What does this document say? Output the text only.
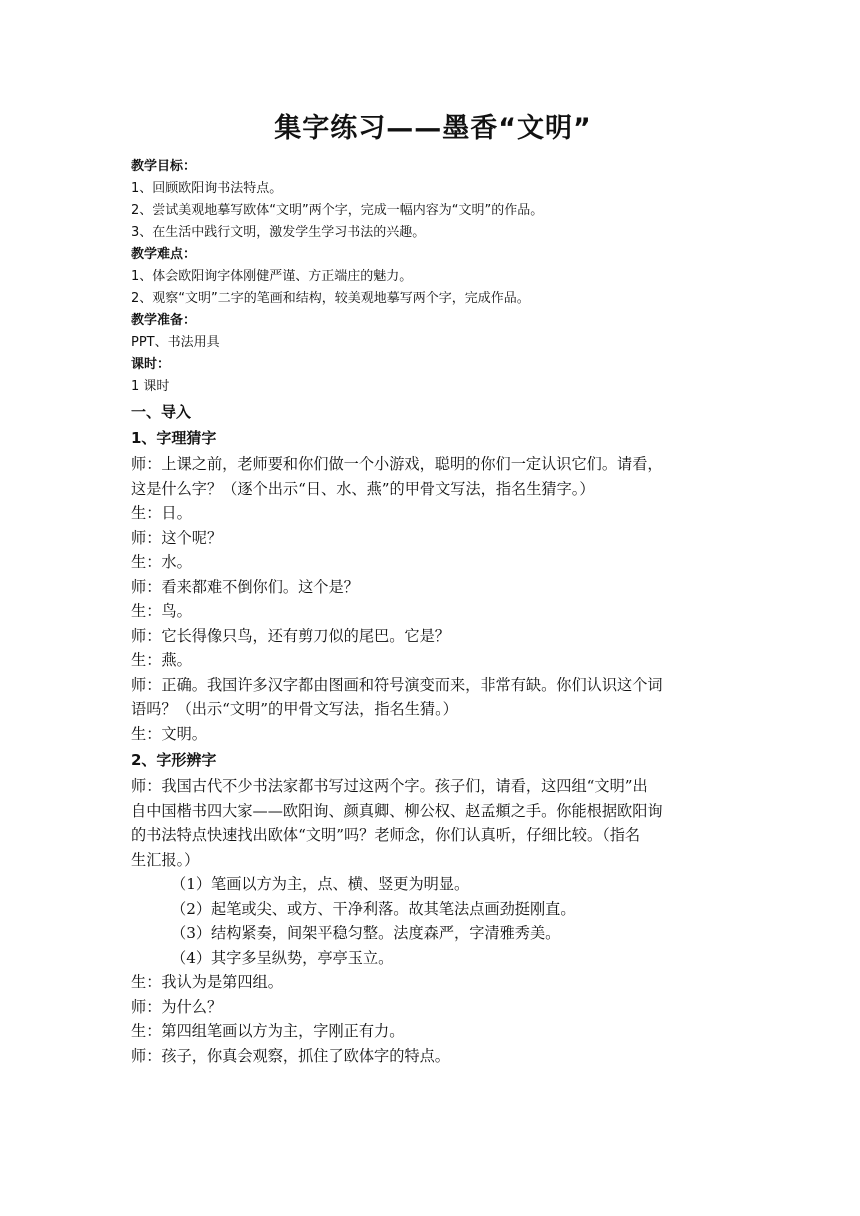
集字练习——墨香“文明”

教学目标：

1、回顾欧阳询书法特点。

2、尝试美观地摹写欧体“文明”两个字，完成一幅内容为“文明”的作品。

3、在生活中践行文明，激发学生学习书法的兴趣。

教学难点：

1、体会欧阳询字体刚健严谨、方正端庄的魅力。

2、观察“文明”二字的笔画和结构，较美观地摹写两个字，完成作品。

教学准备：

PPT、书法用具

课时：

1 课时

一、导入

1、字理猜字

师：上课之前，老师要和你们做一个小游戏，聪明的你们一定认识它们。请看，

这是什么字？（逐个出示“日、水、燕”的甲骨文写法，指名生猜字。）

生：日。

师：这个呢？

生：水。

师：看来都难不倒你们。这个是？

生：鸟。

师：它长得像只鸟，还有剪刀似的尾巴。它是？

生：燕。

师：正确。我国许多汉字都由图画和符号演变而来，非常有缺。你们认识这个词

语吗？（出示“文明”的甲骨文写法，指名生猜。）

生：文明。

2、字形辨字

师：我国古代不少书法家都书写过这两个字。孩子们，请看，这四组“文明”出

自中国楷书四大家——欧阳询、颜真卿、柳公权、赵孟頫之手。你能根据欧阳询

的书法特点快速找出欧体“文明”吗？老师念，你们认真听，仔细比较。（指名

生汇报。）

（1）笔画以方为主，点、横、竖更为明显。

（2）起笔或尖、或方、干净利落。故其笔法点画劲挺刚直。

（3）结构紧奏，间架平稳匀整。法度森严，字清雅秀美。

（4）其字多呈纵势，亭亭玉立。

生：我认为是第四组。

师：为什么？

生：第四组笔画以方为主，字刚正有力。

师：孩子，你真会观察，抓住了欧体字的特点。
